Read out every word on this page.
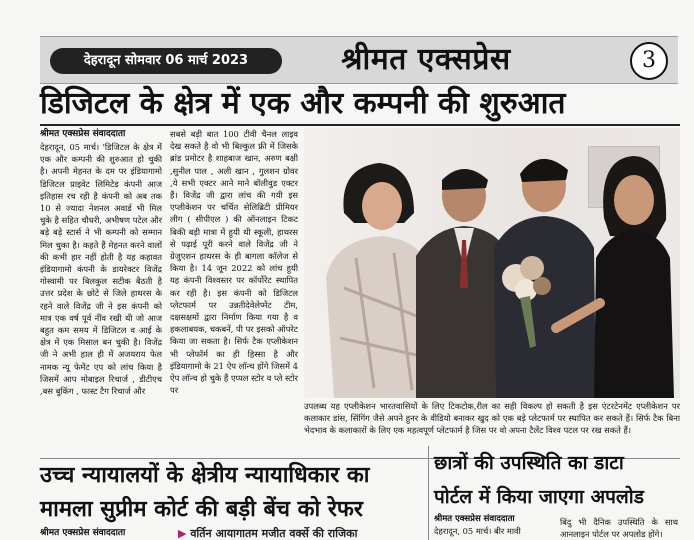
देहरादून सोमवार 06 मार्च 2023	श्रीमत एक्सप्रेस	3
डिजिटल के क्षेत्र में एक और कम्पनी की शुरुआत
श्रीमत एक्सप्रेस संवाददाता
देहरादून, 05 मार्च। 'डिजिटल के क्षेत्र में एक और कम्पनी की शुरुआत हो चुकी है। अपनी मेहनत के दम पर इंडियागामो डिजिटल प्राइवेट लिमिटेड कंपनी आज इतिहास रच रही है कंपनी को अब तक 10 से ज्यादा नेशनल अवार्ड भी मिल चुके है सहित चौधरी, अभीषण पटेल और बड़े बड़े स्टार्स ने भी कम्पनी को सम्मान मिल चुका है। कहते हैं मेहनत करने वालों की कभी हार नहीं होती है यह कहावत इंडियागामो कंपनी के डायरेक्टर विजेंद्र गोस्वामी पर बिलकुल सटीक बैठती है उत्तर प्रदेश के छोटे से जिले हाथरस के रहने वाले विजेंद्र जी ने इस कंपनी को मात्र एक वर्ष पूर्व नींव रखी थी जो आज बहुत कम समय में डिजिटल व आई के क्षेत्र में एक मिसाल बन चुकी है। विजेंद्र जी ने अभी हाल ही में अजयराय फेल नामक न्यू फेमेंट एप को लांच किया है जिसमें आप मोबाइल रिचार्ज , डीटीएच ,बस बुकिंग , फास्ट टैग रिचार्ज और
सबसे बड़ी बात 100 टीवी चैनल लाइव देख सकते है वो भी बिल्कुल फ्री में जिसके ब्रांड प्रमोटर है शाहबाज खान, अरुण बक्षी ,सुनील पाल , अली खान , गुलशन ग्रोवर ,ये सभी एक्टर आने माने बॉलीवुड एक्टर हैं। विजेंद्र जी द्वारा लांच की गयी इस एप्लीकेशन पर चर्चित सेलिब्रिटी प्रीमियर लीग ( सीपीएल ) की ऑनलाइन टिकट बिकी बड़ी मात्रा में हुयी थी स्कूली, हाथरस से पढ़ाई पूरी करने वाले विजेंद्र जी ने ग्रेजुएशन हाथरस के ही बागला कॉलेज से किया है। 14 जून 2022 को लांच हुयी यह कंपनी विश्वस्तर पर कॉर्पोरेट स्थापित कर रही है। इस कंपनी को डिजिटल प्लेटफार्म पर उन्नतीदेवेलेप्मेंट टीम, दक्षसक्षमों द्वारा निर्माण किया गया है व हकलाबयक, चकबनें, पी पर इसको ऑपरेट किया जा सकता है। सिर्फ टैक एप्लीकेशन भी प्लेफॉर्म का ही हिस्सा है और इंडियागामो के 21 ऐप लॉन्च होंगे जिसमें 4 ऐप लॉन्च हो चुके हैं एप्पल स्टोर व प्ले स्टोर पर
उपलब्ध यह एप्लीकेशन भारतवासियों के लिए टिकटोक,रील का सही विकल्प हो सकती है इस एंटरटेनमेंट एप्लीकेशन पर कलाकार डांस, सिंगिंग जैसे अपने हुनर के वीडियो बनाकर खुद को एक बड़े प्लेटफार्म पर स्थापित कर सकते हैं। सिर्फ टैक बिना भेदभाव के कलाकारों के लिए एक महत्वपूर्ण प्लेटफार्म है जिस पर वो अपना टैलेंट विश्व पटल पर रख सकते हैं।
उच्च न्यायालयों के क्षेत्रीय न्यायाधिकार का
मामला सुप्रीम कोर्ट की बड़ी बेंच को रेफर
श्रीमत एक्सप्रेस संवाददाता	▶ वर्तिन आयागातम मजीत वर्क्से की राजिका
छात्रों की उपस्थिति का डाटा
पोर्टल में किया जाएगा अपलोड
श्रीमत एक्सप्रेस संवाददाता
देहरादून, 05 मार्च। बीर मावी
बिंदु भी दैनिक उपस्थिति के साथ आनलाइन पोर्टल पर अपलोड होंगे।
